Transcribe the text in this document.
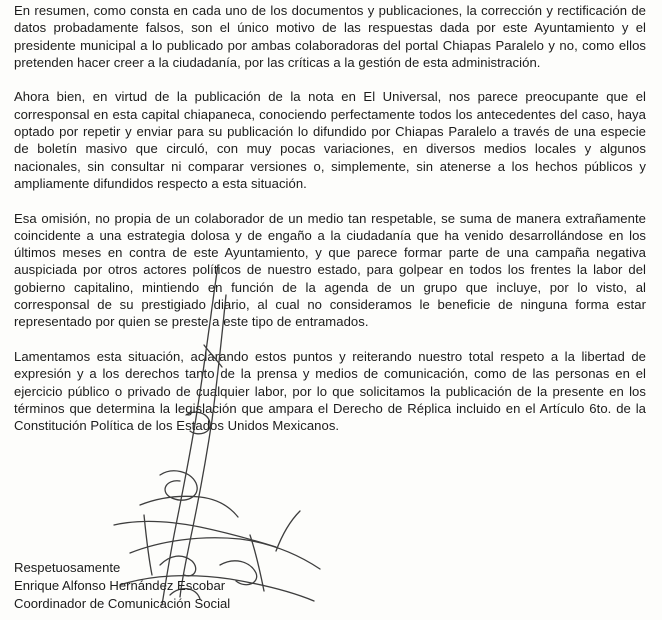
En resumen, como consta en cada uno de los documentos y publicaciones, la corrección y rectificación de datos probadamente falsos, son el único motivo de las respuestas dada por este Ayuntamiento y el presidente municipal a lo publicado por ambas colaboradoras del portal Chiapas Paralelo y no, como ellos pretenden hacer creer a la ciudadanía, por las críticas a la gestión de esta administración.

Ahora bien, en virtud de la publicación de la nota en El Universal, nos parece preocupante que el corresponsal en esta capital chiapaneca, conociendo perfectamente todos los antecedentes del caso, haya optado por repetir y enviar para su publicación lo difundido por Chiapas Paralelo a través de una especie de boletín masivo que circuló, con muy pocas variaciones, en diversos medios locales y algunos nacionales, sin consultar ni comparar versiones o, simplemente, sin atenerse a los hechos públicos y ampliamente difundidos respecto a esta situación.

Esa omisión, no propia de un colaborador de un medio tan respetable, se suma de manera extrañamente coincidente a una estrategia dolosa y de engaño a la ciudadanía que ha venido desarrollándose en los últimos meses en contra de este Ayuntamiento, y que parece formar parte de una campaña negativa auspiciada por otros actores políticos de nuestro estado, para golpear en todos los frentes la labor del gobierno capitalino, mintiendo en función de la agenda de un grupo que incluye, por lo visto, al corresponsal de su prestigiado diario, al cual no consideramos le beneficie de ninguna forma estar representado por quien se preste a este tipo de entramados.

Lamentamos esta situación, aclarando estos puntos y reiterando nuestro total respeto a la libertad de expresión y a los derechos tanto de la prensa y medios de comunicación, como de las personas en el ejercicio público o privado de cualquier labor, por lo que solicitamos la publicación de la presente en los términos que determina la legislación que ampara el Derecho de Réplica incluido en el Artículo 6to. de la Constitución Política de los Estados Unidos Mexicanos.

Respetuosamente
Enrique Alfonso Hernández Escobar
Coordinador de Comunicación Social
